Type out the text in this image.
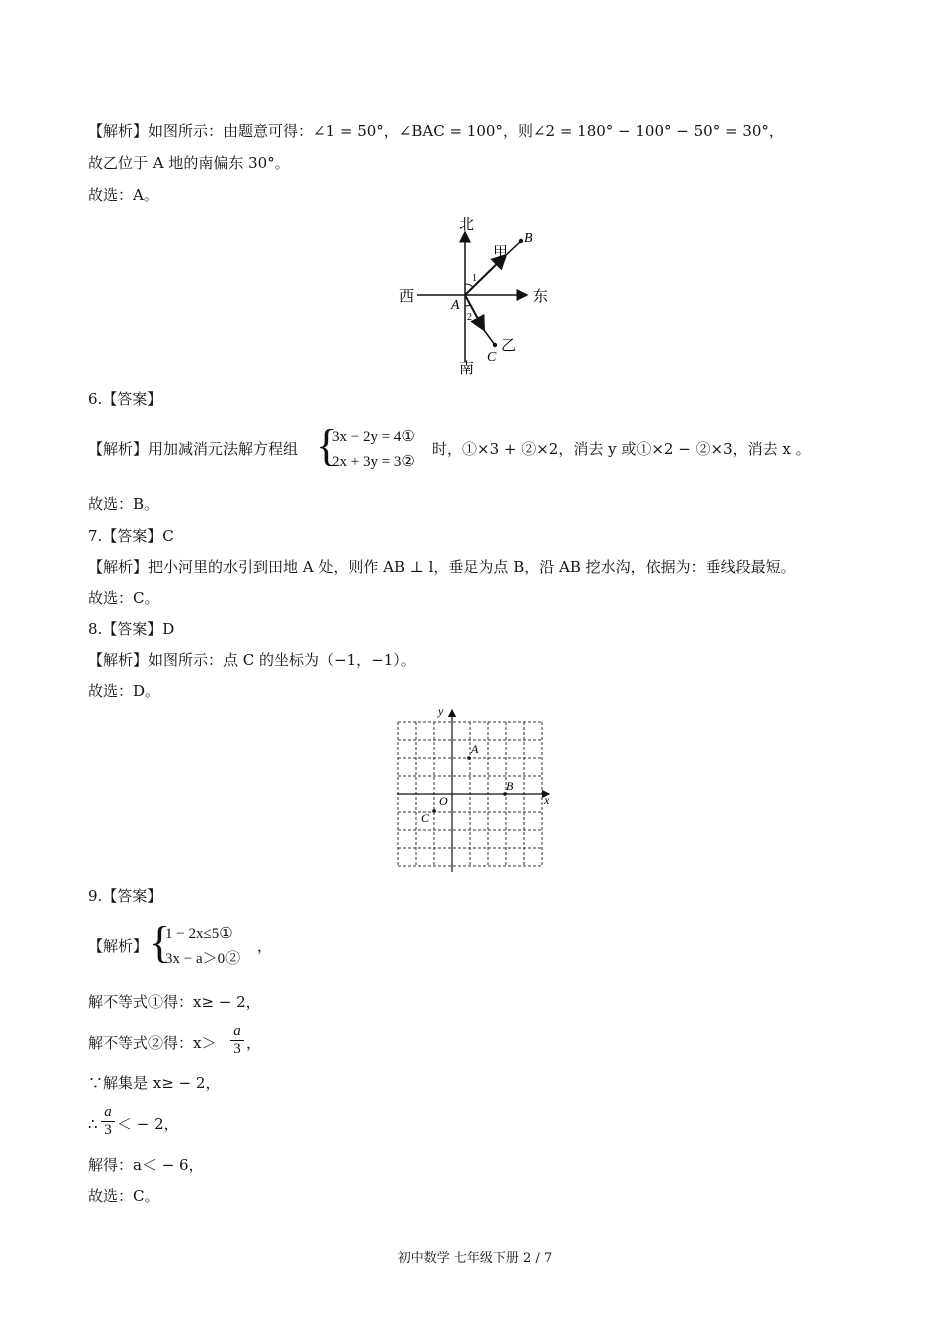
【解析】如图所示：由题意可得：∠1 = 50°，∠BAC = 100°，则∠2 = 180° − 100° − 50° = 30°，
故乙位于 A 地的南偏东 30°。
故选：A。
北
南
东
西
甲
乙
A
B
C
1
2
6.【答案】
【解析】用加减消元法解方程组 {
3x − 2y = 4①
2x + 3y = 3②
时，①×3 + ②×2，消去 y 或①×2 − ②×3，消去 x 。
故选：B。
7.【答案】C
【解析】把小河里的水引到田地 A 处，则作 AB ⊥ l，垂足为点 B，沿 AB 挖水沟，依据为：垂线段最短。
故选：C。
8.【答案】D
【解析】如图所示：点 C 的坐标为（−1，−1）。
故选：D。
y
x
O
A
B
C
9.【答案】
【解析】 {
1 − 2x≤5①
3x − a＞0②
，
解不等式①得：x≥ − 2，
解不等式②得：$x> \frac{a}{3}$ ，
∵解集是 x≥ − 2，
∴ $\frac{a}{3}$ ＜ − 2，
解得：a＜ − 6，
故选：C。
初中数学 七年级下册 2 / 7
